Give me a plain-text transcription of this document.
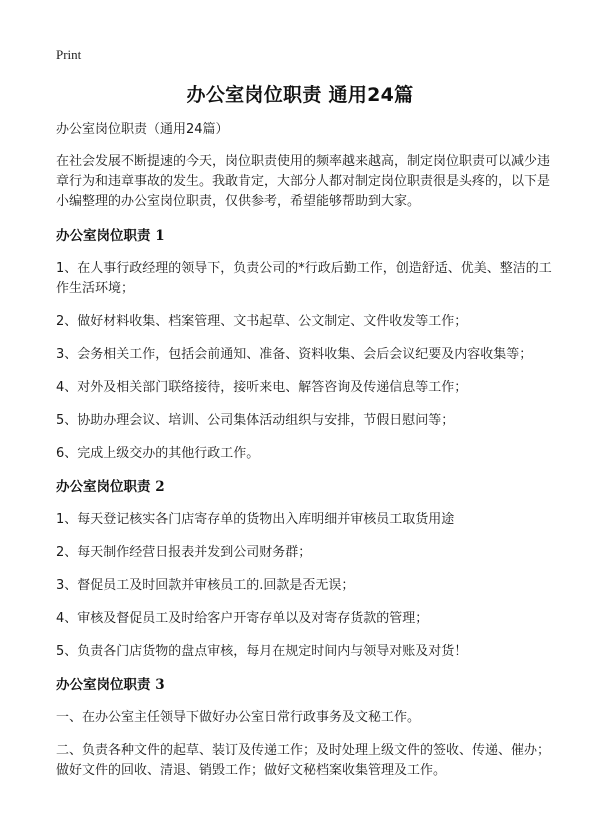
Print
办公室岗位职责 通用24篇

办公室岗位职责（通用24篇）

在社会发展不断提速的今天，岗位职责使用的频率越来越高，制定岗位职责可以减少违章行为和违章事故的发生。我敢肯定，大部分人都对制定岗位职责很是头疼的，以下是小编整理的办公室岗位职责，仅供参考，希望能够帮助到大家。

办公室岗位职责 1

1、在人事行政经理的领导下，负责公司的*行政后勤工作，创造舒适、优美、整洁的工作生活环境；

2、做好材料收集、档案管理、文书起草、公文制定、文件收发等工作；

3、会务相关工作，包括会前通知、准备、资料收集、会后会议纪要及内容收集等；

4、对外及相关部门联络接待，接听来电、解答咨询及传递信息等工作；

5、协助办理会议、培训、公司集体活动组织与安排，节假日慰问等；

6、完成上级交办的其他行政工作。

办公室岗位职责 2

1、每天登记核实各门店寄存单的货物出入库明细并审核员工取货用途

2、每天制作经营日报表并发到公司财务群；

3、督促员工及时回款并审核员工的.回款是否无误；

4、审核及督促员工及时给客户开寄存单以及对寄存货款的管理；

5、负责各门店货物的盘点审核，每月在规定时间内与领导对账及对货！

办公室岗位职责 3

一、在办公室主任领导下做好办公室日常行政事务及文秘工作。

二、负责各种文件的起草、装订及传递工作；及时处理上级文件的签收、传递、催办；做好文件的回收、清退、销毁工作；做好文秘档案收集管理及工作。
